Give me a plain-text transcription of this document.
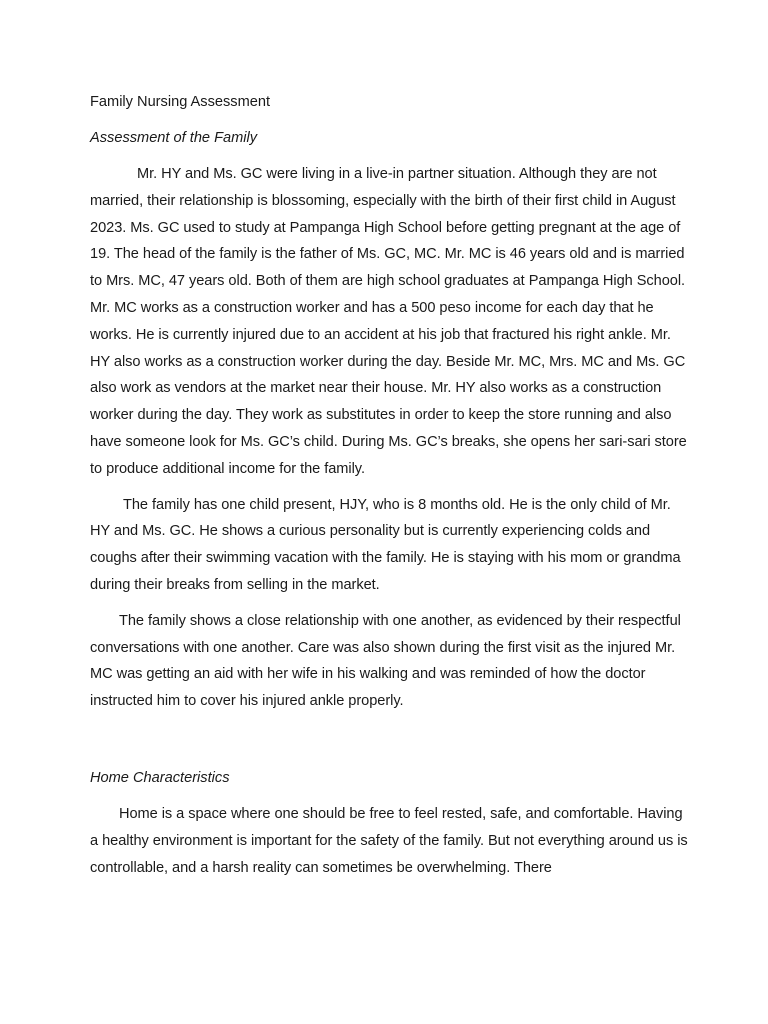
Family Nursing Assessment
Assessment of the Family

Mr. HY and Ms. GC were living in a live-in partner situation. Although they are not married, their relationship is blossoming, especially with the birth of their first child in August 2023. Ms. GC used to study at Pampanga High School before getting pregnant at the age of 19. The head of the family is the father of Ms. GC, MC. Mr. MC is 46 years old and is married to Mrs. MC, 47 years old. Both of them are high school graduates at Pampanga High School. Mr. MC works as a construction worker and has a 500 peso income for each day that he works. He is currently injured due to an accident at his job that fractured his right ankle. Mr. HY also works as a construction worker during the day. Beside Mr. MC, Mrs. MC and Ms. GC also work as vendors at the market near their house. Mr. HY also works as a construction worker during the day. They work as substitutes in order to keep the store running and also have someone look for Ms. GC’s child. During Ms. GC’s breaks, she opens her sari-sari store to produce additional income for the family.

The family has one child present, HJY, who is 8 months old. He is the only child of Mr. HY and Ms. GC. He shows a curious personality but is currently experiencing colds and coughs after their swimming vacation with the family. He is staying with his mom or grandma during their breaks from selling in the market.

The family shows a close relationship with one another, as evidenced by their respectful conversations with one another. Care was also shown during the first visit as the injured Mr. MC was getting an aid with her wife in his walking and was reminded of how the doctor instructed him to cover his injured ankle properly.

Home Characteristics

Home is a space where one should be free to feel rested, safe, and comfortable. Having a healthy environment is important for the safety of the family. But not everything around us is controllable, and a harsh reality can sometimes be overwhelming. There
